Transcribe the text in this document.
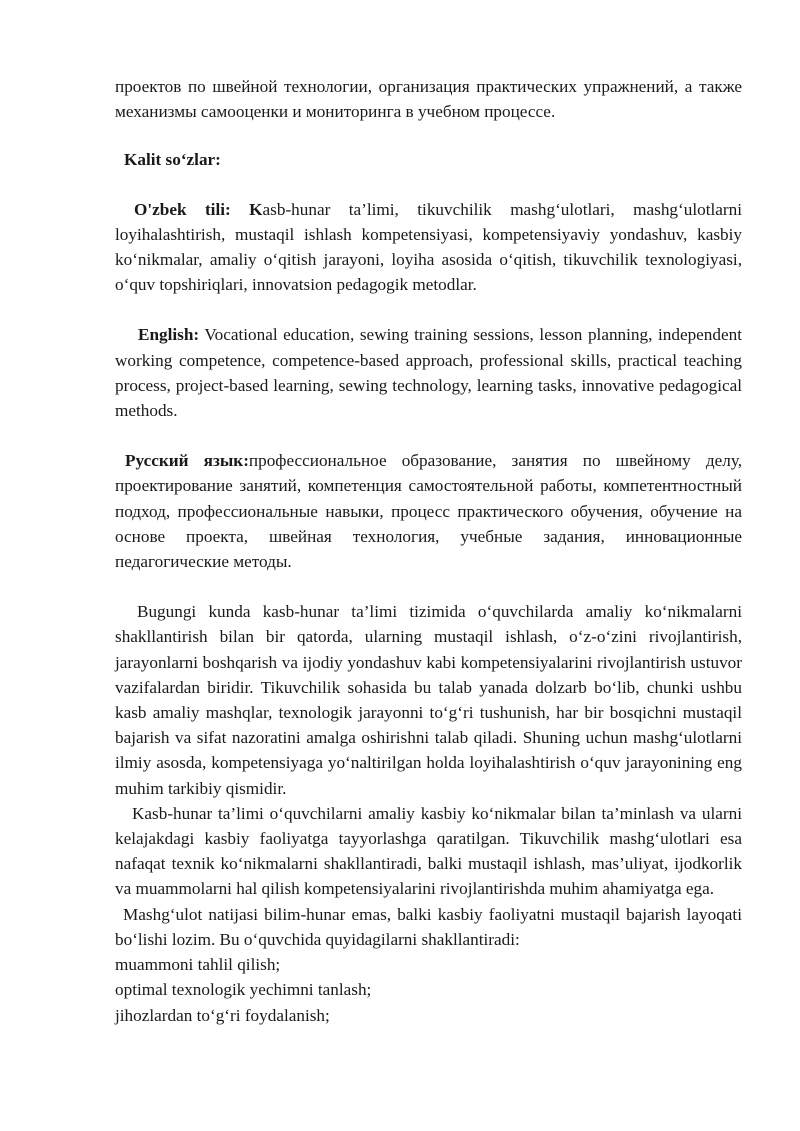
проектов по швейной технологии, организация практических упражнений, а также механизмы самооценки и мониторинга в учебном процессе.

Kalit so‘zlar:

O'zbek tili: Kasb-hunar ta’limi, tikuvchilik mashg‘ulotlari, mashg‘ulotlarni loyihalashtirish, mustaqil ishlash kompetensiyasi, kompetensiyaviy yondashuv, kasbiy ko‘nikmalar, amaliy o‘qitish jarayoni, loyiha asosida o‘qitish, tikuvchilik texnologiyasi, o‘quv topshiriqlari, innovatsion pedagogik metodlar.

English: Vocational education, sewing training sessions, lesson planning, independent working competence, competence-based approach, professional skills, practical teaching process, project-based learning, sewing technology, learning tasks, innovative pedagogical methods.

Русский язык:профессиональное образование, занятия по швейному делу, проектирование занятий, компетенция самостоятельной работы, компетентностный подход, профессиональные навыки, процесс практического обучения, обучение на основе проекта, швейная технология, учебные задания, инновационные педагогические методы.

Bugungi kunda kasb-hunar ta’limi tizimida o‘quvchilarda amaliy ko‘nikmalarni shakllantirish bilan bir qatorda, ularning mustaqil ishlash, o‘z-o‘zini rivojlantirish, jarayonlarni boshqarish va ijodiy yondashuv kabi kompetensiyalarini rivojlantirish ustuvor vazifalardan biridir. Tikuvchilik sohasida bu talab yanada dolzarb bo‘lib, chunki ushbu kasb amaliy mashqlar, texnologik jarayonni to‘g‘ri tushunish, har bir bosqichni mustaqil bajarish va sifat nazoratini amalga oshirishni talab qiladi. Shuning uchun mashg‘ulotlarni ilmiy asosda, kompetensiyaga yo‘naltirilgan holda loyihalashtirish o‘quv jarayonining eng muhim tarkibiy qismidir.

Kasb-hunar ta’limi o‘quvchilarni amaliy kasbiy ko‘nikmalar bilan ta’minlash va ularni kelajakdagi kasbiy faoliyatga tayyorlashga qaratilgan. Tikuvchilik mashg‘ulotlari esa nafaqat texnik ko‘nikmalarni shakllantiradi, balki mustaqil ishlash, mas’uliyat, ijodkorlik va muammolarni hal qilish kompetensiyalarini rivojlantirishda muhim ahamiyatga ega.

Mashg‘ulot natijasi bilim-hunar emas, balki kasbiy faoliyatni mustaqil bajarish layoqati bo‘lishi lozim. Bu o‘quvchida quyidagilarni shakllantiradi:

muammoni tahlil qilish;
optimal texnologik yechimni tanlash;
jihozlardan to‘g‘ri foydalanish;
